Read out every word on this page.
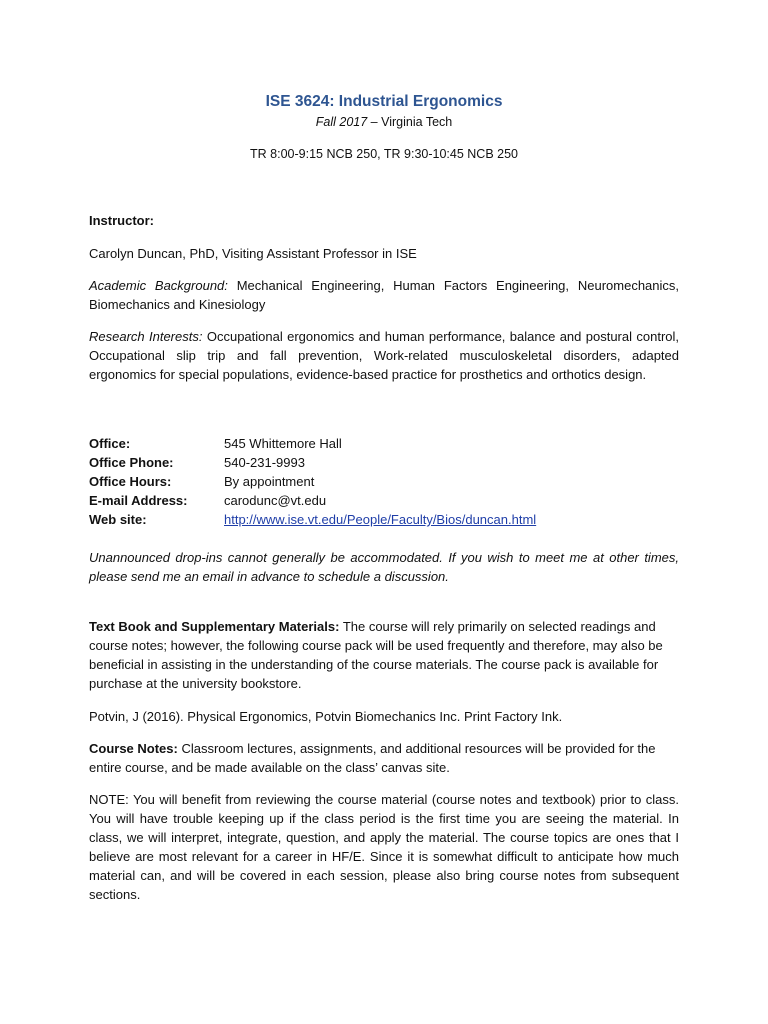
ISE 3624: Industrial Ergonomics
Fall 2017 – Virginia Tech
TR 8:00-9:15 NCB 250, TR 9:30-10:45 NCB 250
Instructor:
Carolyn Duncan, PhD, Visiting Assistant Professor in ISE
Academic Background: Mechanical Engineering, Human Factors Engineering, Neuromechanics, Biomechanics and Kinesiology
Research Interests: Occupational ergonomics and human performance, balance and postural control, Occupational slip trip and fall prevention, Work-related musculoskeletal disorders, adapted ergonomics for special populations, evidence-based practice for prosthetics and orthotics design.
Office:	545 Whittemore Hall
Office Phone:	540-231-9993
Office Hours:	By appointment
E-mail Address:	carodunc@vt.edu
Web site:	http://www.ise.vt.edu/People/Faculty/Bios/duncan.html
Unannounced drop-ins cannot generally be accommodated. If you wish to meet me at other times, please send me an email in advance to schedule a discussion.
Text Book and Supplementary Materials: The course will rely primarily on selected readings and course notes; however, the following course pack will be used frequently and therefore, may also be beneficial in assisting in the understanding of the course materials. The course pack is available for purchase at the university bookstore.
Potvin, J (2016). Physical Ergonomics, Potvin Biomechanics Inc. Print Factory Ink.
Course Notes: Classroom lectures, assignments, and additional resources will be provided for the entire course, and be made available on the class’ canvas site.
NOTE: You will benefit from reviewing the course material (course notes and textbook) prior to class. You will have trouble keeping up if the class period is the first time you are seeing the material. In class, we will interpret, integrate, question, and apply the material. The course topics are ones that I believe are most relevant for a career in HF/E. Since it is somewhat difficult to anticipate how much material can, and will be covered in each session, please also bring course notes from subsequent sections.
